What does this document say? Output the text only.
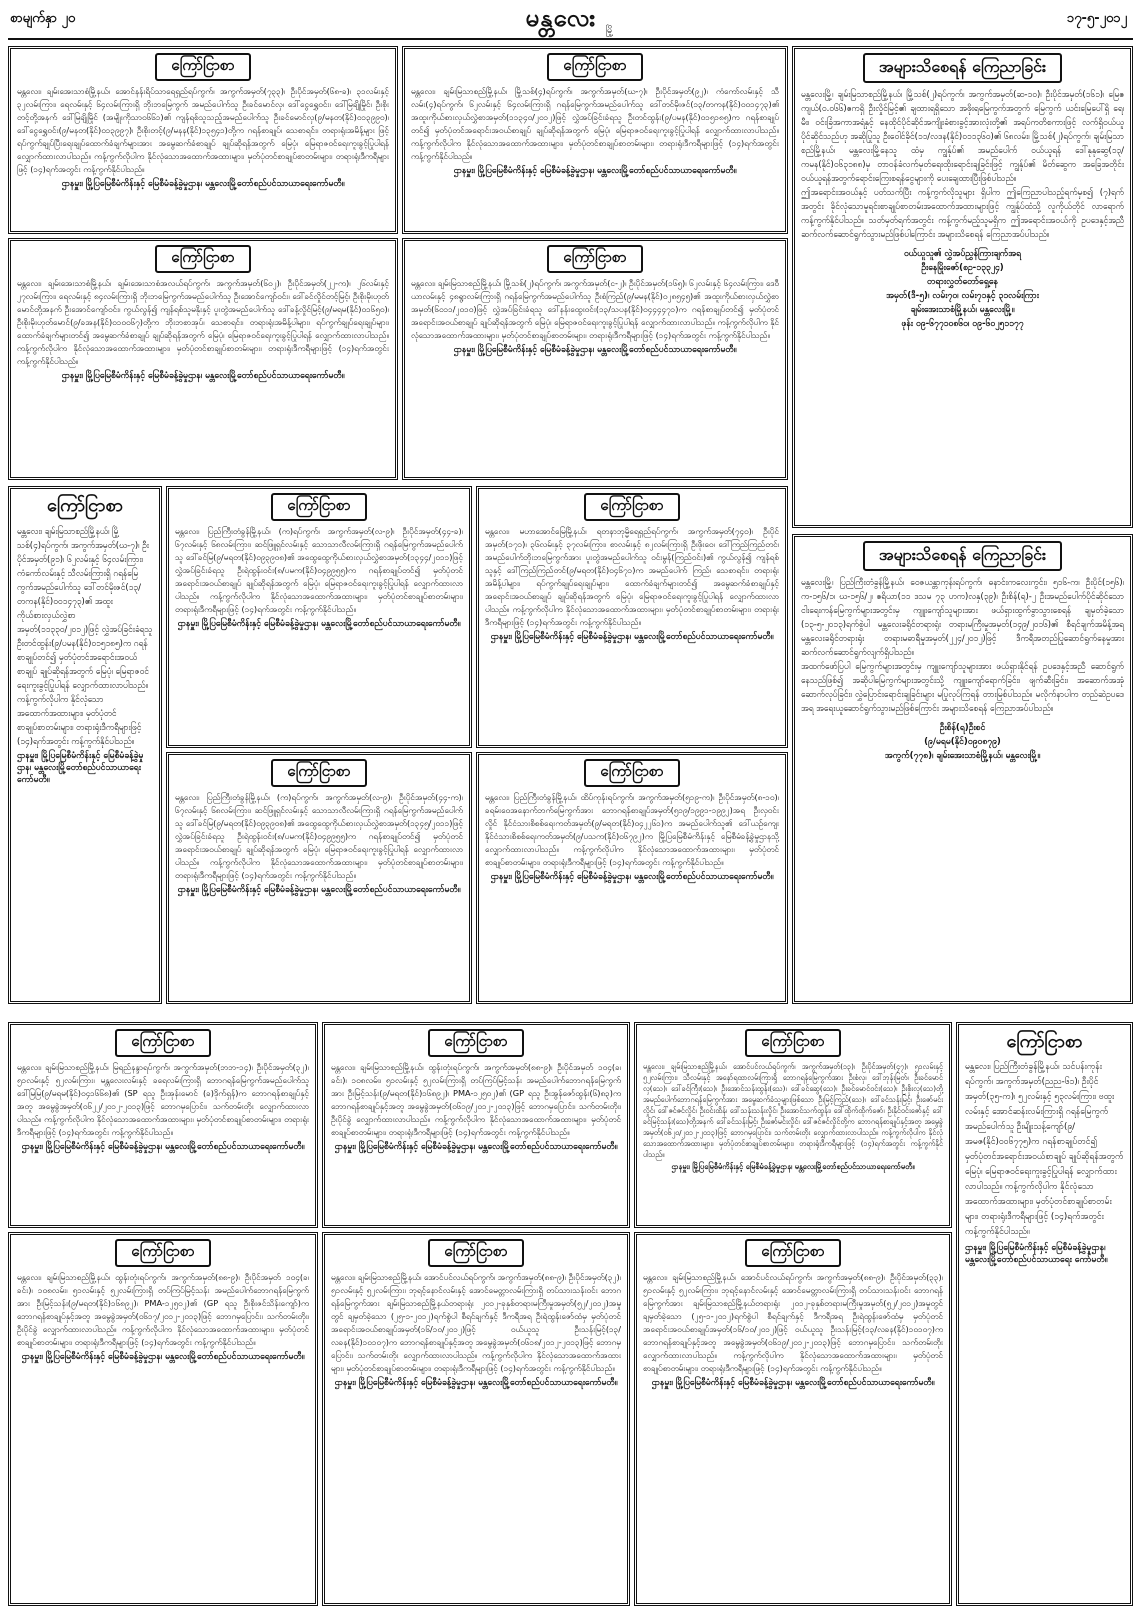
စာမျက်နှာ ၂၀	မန္တလေး မြို့
၁၇-၅-၂၀၁၂
ကြော်ငြာစာ
မန္တလေး၊ ချမ်းအေးသာစံမြို့နယ်၊ အောင်နန်းရိပ်သာရေရှည်ရပ်ကွက်၊ အကွက်အမှတ်(၇၃၃)၊ ဦးပိုင်အမှတ်(၆၈-ခ)၊ ၃၁လမ်းနှင့် ၃၂လမ်းကြား၊ ရေလမ်းနှင့် ၆၄လမ်းကြားရှိ ဘိုးဘမြေကွက် အမည်ပေါက်သူ ဦးခင်မောင်လှ၊ ဒေါ်ငွေရွှေဝင်း၊ ဒေါ်မြချိုမြိုင်၊ ဦးစိုးတင့်တို့အနက် ဒေါ်မြချိုမြိုင် (အမျိုးကိုသာ၀၆၆၁)၏ ကျန်ရစ်သူသည့်အမည်ပေါက်သူ ဦးခင်မောင်လှ(၉/မနတ(နိုင်)၀၁၃၉၉၀)၊ ဒေါ်ငွေရွှေဝင်း(၉/မနတ(နိုင်)၀၁၃၉၉၇)၊ ဦးစိုးတင့်(၉/မနန(နိုင်)၁၃၅၄၁)တို့က ဂရန်စာချုပ်၊ သေစာရင်း၊ တရားရုံးအမိန့်များ ဖြင့် ရပ်ကွက်ချုပ်ပြီးရေးချုပ်ထောက်ခံချက်များအား အမွေဆက်ခံစာချုပ် ချုပ်ဆိုရန်အတွက် မြေပုံ၊ မြေရာဇဝင်ရေးကူးခွင့်ပြုပါရန် လျှောက်ထားလာပါသည်။ ကန့်ကွက်လိုပါက နိုင်လုံသောအထောက်အထားများ၊ မှတ်ပုံတင်စာချုပ်စာတမ်းများ၊ တရားရုံးဒီကရီများဖြင့် (၁၄)ရက်အတွင်း ကန့်ကွက်နိုင်ပါသည်။
ဌာနမှူး၊ မြို့ပြမြေစီမံကိန်းနှင့် မြေစီမံခန့်ခွဲမှုဌာန၊ မန္တလေးမြို့တော်စည်ပင်သာယာရေးကော်မတီ။
ကြော်ငြာစာ
မန္တလေး၊ ချမ်းမြသာစည်မြို့နယ်၊ မြို့သစ်(၄)ရပ်ကွက်၊ အကွက်အမှတ်(ဃ-၇)၊ ဦးပိုင်အမှတ်(၉၂)၊ ကံကော်လမ်းနှင့် သီလမ်း(၄)ရပ်ကွက်၊ ၆၂လမ်းနှင့် ၆၄လမ်းကြားရှိ ဂရန်မြေကွက်အမည်ပေါက်သူ ဒေါ်တင်မိုးဇင်(၁၃/တကန(နိုင်)၀၀၁၄၇၃)၏ အထူးကိုယ်စားလှယ်လွှဲစာအမှတ်(၁၁၃၄၀/၂၀၁၂)ဖြင့် လွှဲအပ်ခြင်းခံရသူ ဦးတင်ထွန်း(၉/ပမန(နိုင်)၀၁၅၁၈၅)က ဂရန်စာချုပ်တင်၍ မှတ်ပုံတင်အရောင်းအဝယ်စာချုပ် ချုပ်ဆိုရန်အတွက် မြေပုံ၊ မြေရာဇဝင်ရေးကူးခွင့်ပြုပါရန် လျှောက်ထားလာပါသည်။ ကန့်ကွက်လိုပါက နိုင်လုံသောအထောက်အထားများ၊ မှတ်ပုံတင်စာချုပ်စာတမ်းများ၊ တရားရုံးဒီကရီများဖြင့် (၁၄)ရက်အတွင်း ကန့်ကွက်နိုင်ပါသည်။
ဌာနမှူး၊ မြို့ပြမြေစီမံကိန်းနှင့် မြေစီမံခန့်ခွဲမှုဌာန၊ မန္တလေးမြို့တော်စည်ပင်သာယာရေးကော်မတီ။
အများသိစေရန် ကြေညာခြင်း
မန္တလေးမြို့၊ ချမ်းမြသာစည်မြို့နယ်၊ မြို့သစ်(၂)ရပ်ကွက်၊ အကွက်အမှတ်(ဆ-၁၀)၊ ဦးပိုင်အမှတ်(၁၆၁)၊ မြေဧကျယ်(၀.၀၆၆)ဧကရှိ ဦးလှိုင်မြင့်၏ ချထားရရှိသော အဖိုးရမြေကွက်အတွက် မြေကွက် ယင်းမြေပေါ်ရှိ ရေ၊ မီး၊ ဝင်းခြံအကာအရံနှင့် နေထိုင်ပိုင်ဆိုင်အကျိုးခံစားခွင့်အားလုံးတို့၏ အရပ်ကတိစကားဖြင့် လက်ရှိဝယ်ယူပိုင်ဆိုင်သည်ဟု အဆိုပြုသူ ဦးဝေါင်ခိုင်(၁၁/လဒန(နိုင်)၀၁၁၃၆၀)၏ ၆၈လမ်း၊ မြို့သစ်(၂)ရပ်ကွက်၊ ချမ်းမြသာစည်မြို့နယ်၊ မန္တလေးမြို့နေသူ ထံမှ ကျွန်ုပ်၏ အမည်ပေါက် ဝယ်ယူရန် ဒေါ်နုနုဆွေ(၁၃/ကမန(နိုင်)၀၆၃၁၈၈)မှ တာဝန်ခံလက်မှတ်ရေးထိုးရောင်းချခြင်းဖြင့် ကျွန်ုပ်၏ မိတ်ဆွေက အခြေအတိုင်းဝယ်ယူရန်အတွက်ရောင်းကြေးစရန်ငွေများကို ပေးချေထားပြီးဖြစ်ပါသည်။
ဤအရောင်းအဝယ်နှင့် ပတ်သက်ပြီး ကန့်ကွက်လိုသူများ ရှိပါက ဤကြေညာပါသည့်ရက်မှစ၍ (၇)ရက်အတွင်း ခိုင်လုံသောမူရင်းစာချုပ်စာတမ်းအထောက်အထားများဖြင့် ကျွန်ုပ်ထံသို့ လူကိုယ်တိုင် လာရောက်ကန့်ကွက်နိုင်ပါသည်။ သတ်မှတ်ရက်အတွင်း ကန့်ကွက်မည့်သူမရှိက ဤအရောင်းအဝယ်ကို ဥပဒေနှင့်အညီ ဆက်လက်ဆောင်ရွက်သွားမည်ဖြစ်ပါကြောင်း အများသိစေရန် ကြေညာအပ်ပါသည်။
ဝယ်ယူသူ၏ လွှဲအပ်ညွှန်ကြားချက်အရ
ဦးနေမြိုးဇော်(စဥ-၁၃၃၂၄)
တရားလွှတ်တော်ရှေ့နေ
အမှတ်(ဒီ-၅)၊ လမ်း၇၀၊ လမ်း၇၁နှင့် ၃၁လမ်းကြား
ချမ်းအေးသာစံမြို့နယ်၊ မန္တလေးမြို့။
ဖုန်း ၀၉-၆၇၇၁၀၈၆၀၊ ၀၉-၆၀၂၅၁၁၇၇
ကြော်ငြာစာ
မန္တလေး၊ ချမ်းအေးသာစံမြို့နယ်၊ ချမ်းအေးသာစံအလယ်ရပ်ကွက်၊ အကွက်အမှတ်(၆၀၂)၊ ဦးပိုင်အမှတ်(၂၂-က)၊ ၂၆လမ်းနှင့် ၂၇လမ်းကြား၊ ရေလမ်းနှင့် ၈၄လမ်းကြားရှိ ဘိုးဘမြေကွက်အမည်ပေါက်သူ ဦးအောင်ကျော်ဝင်း၊ ဒေါ်ခင်လှိုင်တင့်မြင့်၊ ဦးစိုးမိုးဟုတ်မောင်တို့အနက် ဦးအောင်ကျော်ဝင်း၊ ကွယ်လွန်၍ ကျန်ရစ်သူမနိုးနှင့် ပူးတွဲအမည်ပေါက်သူ ဒေါ်ခန့်လှိုင်မြင့်(၉/မရမ(နိုင်)၀၁၆၅၀)၊ ဦးစိုးမိုးဟုတ်မောင်(၉/ခအန(နိုင်)၀၁၀၀၆၇)တို့က ဘိုးဘစာအုပ်၊ သေစာရင်း၊ တရားရုံးအမိန့်ပါများ၊ ရပ်ကွက်ချုပ်ရေးချုပ်များ၊ ထောက်ခံချက်များတင်၍ အမွေဆက်ခံစာချုပ် ချုပ်ဆိုရန်အတွက် မြေပုံ၊ မြေရာဇဝင်ရေးကူးခွင့်ပြုပါရန် လျှောက်ထားလာပါသည်။ ကန့်ကွက်လိုပါက နိုင်လုံသောအထောက်အထားများ၊ မှတ်ပုံတင်စာချုပ်စာတမ်းများ၊ တရားရုံးဒီကရီများဖြင့် (၁၄)ရက်အတွင်း ကန့်ကွက်နိုင်ပါသည်။
ဌာနမှူး၊ မြို့ပြမြေစီမံကိန်းနှင့် မြေစီမံခန့်ခွဲမှုဌာန၊ မန္တလေးမြို့တော်စည်ပင်သာယာရေးကော်မတီ။
ကြော်ငြာစာ
မန္တလေး၊ ချမ်းမြသာစည်မြို့နယ်၊ မြို့သစ်(၂)ရပ်ကွက်၊ အကွက်အမှတ်(င-၂)၊ ဦးပိုင်အမှတ်(၁၆၅)၊ ၆၂လမ်းနှင့် ၆၄လမ်းကြား၊ ဒေဝီယာလမ်းနှင့် ၄၈ရွာလမ်းကြားရှိ ဂရန်မြေကွက်အမည်ပေါက်သူ ဦးစံကြည်(၉/မမန(နိုင်)၀၂၈၅၄၅)၏ အထူးကိုယ်စားလှယ်လွှဲစာအမှတ်(၆၀၁၁/၂၀၁၀)ဖြင့် လွှဲအပ်ခြင်းခံရသူ ဒေါ်နန်းထွေးဝင်း(၁၃/သပန(နိုင်)၀၄၄၄၄၇၁)က ဂရန်စာချုပ်တင်၍ မှတ်ပုံတင်အရောင်းအဝယ်စာချုပ် ချုပ်ဆိုရန်အတွက် မြေပုံ၊ မြေရာဇဝင်ရေးကူးခွင့်ပြုပါရန် လျှောက်ထားလာပါသည်။ ကန့်ကွက်လိုပါက နိုင်လုံသောအထောက်အထားများ၊ မှတ်ပုံတင်စာချုပ်စာတမ်းများ၊ တရားရုံးဒီကရီများဖြင့် (၁၄)ရက်အတွင်း ကန့်ကွက်နိုင်ပါသည်။
ဌာနမှူး၊ မြို့ပြမြေစီမံကိန်းနှင့် မြေစီမံခန့်ခွဲမှုဌာန၊ မန္တလေးမြို့တော်စည်ပင်သာယာရေးကော်မတီ။
ကြော်ငြာစာ
မန္တလေး၊ ချမ်းမြသာစည်မြို့နယ်၊ မြို့သစ်(၄)ရပ်ကွက်၊ အကွက်အမှတ်(ဃ-၇)၊ ဦးပိုင်အမှတ်(၉၁)၊ ၆၂လမ်းနှင့် ၆၄လမ်းကြား၊ ကံကော်လမ်းနှင့် သီလမ်းကြားရှိ ဂရန်မြေကွက်အမည်ပေါက်သူ ဒေါ်တင်မိုးဇင်(၁၃/တကန(နိုင်)၀၀၁၄၇၃)၏ အထူးကိုယ်စားလှယ်လွှဲစာအမှတ်(၁၁၃၃၀/၂၀၁၂)ဖြင့် လွှဲအပ်ခြင်းခံရသူ ဦးတင်ထွန်း(၉/ပမန(နိုင်)၀၁၅၁၈၅)က ဂရန်စာချုပ်တင်၍ မှတ်ပုံတင်အရောင်းအဝယ်စာချုပ် ချုပ်ဆိုရန်အတွက် မြေပုံ၊ မြေရာဇဝင်ရေးကူးခွင့်ပြုပါရန် လျှောက်ထားလာပါသည်။ ကန့်ကွက်လိုပါက နိုင်လုံသောအထောက်အထားများ၊ မှတ်ပုံတင်စာချုပ်စာတမ်းများ၊ တရားရုံးဒီကရီများဖြင့် (၁၄)ရက်အတွင်း ကန့်ကွက်နိုင်ပါသည်။
ဌာနမှူး၊ မြို့ပြမြေစီမံကိန်းနှင့် မြေစီမံခန့်ခွဲမှုဌာန၊ မန္တလေးမြို့တော်စည်ပင်သာယာရေးကော်မတီ။
ကြော်ငြာစာ
မန္တလေး၊ ပြည်ကြီးတံခွန်မြို့နယ်၊ (က)ရပ်ကွက်၊ အကွက်အမှတ်(လ-၉)၊ ဦးပိုင်အမှတ်(၄၄-ခ)၊ ၆၇လမ်းနှင့် ၆၈လမ်းကြား၊ ဆင်ဖြူရှင်လမ်းနှင့် သောသာလီလမ်းကြားရှိ ဂရန်မြေကွက်အမည်ပေါက်သူ ဒေါ်ခင်မြ(၉/မရတ(နိုင်)၀၉၃၉၀၈)၏ အထွေထွေကိုယ်စားလှယ်လွှဲစာအမှတ်(၁၃၄၄/၂၀၁၁)ဖြင့် လွှဲအပ်ခြင်းခံရသူ ဦးရဲထွန်းဝင်း(၈/ပမက(နိုင်)၀၄၉၉၅၅)က ဂရန်စာချုပ်တင်၍ မှတ်ပုံတင်အရောင်းအဝယ်စာချုပ် ချုပ်ဆိုရန်အတွက် မြေပုံ၊ မြေရာဇဝင်ရေးကူးခွင့်ပြုပါရန် လျှောက်ထားလာပါသည်။ ကန့်ကွက်လိုပါက နိုင်လုံသောအထောက်အထားများ၊ မှတ်ပုံတင်စာချုပ်စာတမ်းများ၊ တရားရုံးဒီကရီများဖြင့် (၁၄)ရက်အတွင်း ကန့်ကွက်နိုင်ပါသည်။
ဌာနမှူး၊ မြို့ပြမြေစီမံကိန်းနှင့် မြေစီမံခန့်ခွဲမှုဌာန၊ မန္တလေးမြို့တော်စည်ပင်သာယာရေးကော်မတီ။
ကြော်ငြာစာ
မန္တလေး၊ မဟာအောင်မြေမြို့နယ်၊ ရတနာဘုမ္မိရေရှည်ရပ်ကွက်၊ အကွက်အမှတ်(၇၄၀)၊ ဦးပိုင်အမှတ်(၁၇၁)၊ ၃၆လမ်းနှင့် ၃၇လမ်းကြား၊ စာလမ်းနှင့် ၈၂လမ်းကြားရှိ ဦးဖိုးဝေ၊ ဒေါ်ကြည်ကြည်တင်၊ အမည်ပေါက်ဘိုးဘမြေကွက်အား ပူးတွဲအမည်ပေါက်သူ ဝင်းမွန်(ကြည်ဝင်း)၏ ကွယ်လွန်၍ ကျန်ရစ်သူနှင့် ဒေါ်ကြည်ကြည်တင်(၉/မရတ(နိုင်)၀၄၆၇၁)က အမည်ပေါက် ကြည်၊ သေစာရင်း၊ တရားရုံးအမိန့်ပါများ၊ ရပ်ကွက်ချုပ်ရေးချုပ်များ၊ ထောက်ခံချက်များတင်၍ အမွေဆက်ခံစာချုပ်နှင့် အရောင်းအဝယ်စာချုပ် ချုပ်ဆိုရန်အတွက် မြေပုံ၊ မြေရာဇဝင်ရေးကူးခွင့်ပြုပါရန် လျှောက်ထားလာပါသည်။ ကန့်ကွက်လိုပါက နိုင်လုံသောအထောက်အထားများ၊ မှတ်ပုံတင်စာချုပ်စာတမ်းများ၊ တရားရုံးဒီကရီများဖြင့် (၁၄)ရက်အတွင်း ကန့်ကွက်နိုင်ပါသည်။
ဌာနမှူး၊ မြို့ပြမြေစီမံကိန်းနှင့် မြေစီမံခန့်ခွဲမှုဌာန၊ မန္တလေးမြို့တော်စည်ပင်သာယာရေးကော်မတီ။
ကြော်ငြာစာ
မန္တလေး၊ ပြည်ကြီးတံခွန်မြို့နယ်၊ (က)ရပ်ကွက်၊ အကွက်အမှတ်(လ-၉)၊ ဦးပိုင်အမှတ်(၄၄-က)၊ ၆၇လမ်းနှင့် ၆၈လမ်းကြား၊ ဆင်ဖြူရှင်လမ်းနှင့် သောသာလီလမ်းကြားရှိ ဂရန်မြေကွက်အမည်ပေါက်သူ ဒေါ်ခင်မြ(၉/မရတ(နိုင်)၀၉၃၉၀၈)၏ အထွေထွေကိုယ်စားလှယ်လွှဲစာအမှတ်(၁၃၄၅/၂၀၁၁)ဖြင့် လွှဲအပ်ခြင်းခံရသူ ဦးရဲထွန်းဝင်း(၈/ပမက(နိုင်)၀၄၉၉၅၅)က ဂရန်စာချုပ်တင်၍ မှတ်ပုံတင်အရောင်းအဝယ်စာချုပ် ချုပ်ဆိုရန်အတွက် မြေပုံ၊ မြေရာဇဝင်ရေးကူးခွင့်ပြုပါရန် လျှောက်ထားလာပါသည်။ ကန့်ကွက်လိုပါက နိုင်လုံသောအထောက်အထားများ၊ မှတ်ပုံတင်စာချုပ်စာတမ်းများ၊ တရားရုံးဒီကရီများဖြင့် (၁၄)ရက်အတွင်း ကန့်ကွက်နိုင်ပါသည်။
ဌာနမှူး၊ မြို့ပြမြေစီမံကိန်းနှင့် မြေစီမံခန့်ခွဲမှုဌာန၊ မန္တလေးမြို့တော်စည်ပင်သာယာရေးကော်မတီ။
ကြော်ငြာစာ
မန္တလေး၊ ပြည်ကြီးတံခွန်မြို့နယ်၊ ထိပ်ကုန်းရပ်ကွက်၊ အကွက်အမှတ်(၅၁၉-က)၊ ဦးပိုင်အမှတ်(၈-၁၀)၊ ခရမ်းဝေအနောက်ဘက်မြေကွက်အား ဘောဂရန်စာချုပ်အမှတ်(၅၁၉/၁၉၉၁-၁၉၉၂)အရ ဦးလှဝင်းလှိုင် နိုင်ငံသားစိစစ်ရေးကတ်အမှတ်(၉/မရတ(နိုင်)၀၄၂၂၆၁)က အမည်ပေါက်သူ၏ ဒေါ်ယဉ်ကျေး နိုင်ငံသားစိစစ်ရေးကတ်အမှတ်(၉/ပသက(နိုင်)၀၆၇၉၂)က မြို့ပြမြေစီမံကိန်းနှင့် မြေစီမံခန့်ခွဲမှုဌာနသို့ လျှောက်ထားလာပါသည်။ ကန့်ကွက်လိုပါက နိုင်လုံသောအထောက်အထားများ၊ မှတ်ပုံတင်စာချုပ်စာတမ်းများ၊ တရားရုံးဒီကရီများဖြင့် (၁၄)ရက်အတွင်း ကန့်ကွက်နိုင်ပါသည်။
ဌာနမှူး၊ မြို့ပြမြေစီမံကိန်းနှင့် မြေစီမံခန့်ခွဲမှုဌာန၊ မန္တလေးမြို့တော်စည်ပင်သာယာရေးကော်မတီ။
အများသိစေရန် ကြေညာခြင်း
မန္တလေးမြို့၊ ပြည်ကြီးတံခွန်မြို့နယ်၊ ဝေဇယန္တာကုန်းရပ်ကွက်၊ ဓနာင်းကလေးကွင်း၊ ၅၁၆-က၊ ဦးပိုင်(၁၅၆)၊ က-၁၅၆/၁၊ ဃ-၁၅၆/၂၊ ဧရိယာ(၁၁ ဒသမ ၇၃ ဟက)လနှ(၃၉)၊ ဦးစိန်(ရ)-၂ ဦးအမည်ပေါက်ပိုင်ဆိုင်သော ငါးရေးကန်မြေကွက်များအတွင်းမှ ကျူးကျော်သူများအား ဖယ်ရှားထွက်ခွာသွားစေရန် ချမှတ်ခဲ့သော (၁၃-၅-၂၀၁၃)ရက်စွဲပါ မန္တလေးခရိုင်တရားရုံး တရားမကြီးမှုအမှတ်(၁၄၉/၂၀၁၆)၏ စီရင်ချက်အမိန့်အရ မန္တလေးခရိုင်တရားရုံး တရားမဓာရီမှုအမှတ်(၂၂၄/၂၀၁၂)ဖြင့် ဒီကရီအတည်ပြုဆောင်ရွက်နေမှုအား ဆက်လက်ဆောင်ရွက်လျက်ရှိပါသည်။
အထက်ဖော်ပြပါ မြေကွက်များအတွင်းမှ ကျူးကျော်သူများအား ဖယ်ရှားနိုင်ရန် ဥပဒေနှင့်အညီ ဆောင်ရွက်နေသည်ဖြစ်၍ အဆိုပါမြေကွက်များအတွင်းသို့ ကျူးကျော်ရောက်ခြင်း၊ ဖျက်ဆီးခြင်း၊ အဆောက်အအုံဆောက်လုပ်ခြင်း၊ လွှဲပြောင်းရောင်းချခြင်းများ မပြုလုပ်ကြရန် တားမြစ်ပါသည်။ မလိုက်နာပါက တည်ဆဲဥပဒေအရ အရေးယူဆောင်ရွက်သွားမည်ဖြစ်ကြောင်း အများသိစေရန် ကြေညာအပ်ပါသည်။
ဦးစိန်(ရ)ဦးစင်
(၉/မရမ(နိုင်)၀၉၀၈၇၉)
အကွက်(၇၇၈)၊ ချမ်းအေးသာစံမြို့နယ်၊ မန္တလေးမြို့။
ကြော်ငြာစာ
မန္တလေး၊ ချမ်းမြသာစည်မြို့နယ်၊ မြရည်နန္ဒာရပ်ကွက်၊ အကွက်အမှတ်(ဘဘ-၁၄)၊ ဦးပိုင်အမှတ်(၃၂)၊ ၅၁လမ်းနှင့် ၅၂လမ်းကြား၊ မန္တလေးလမ်းနှင့် ခရေလမ်းကြားရှိ ဘောဂရန်မြေကွက်အမည်ပေါက်သူ ဒေါ်မြမြ(၉/မရမ(နိုင်)၀၄၁၆၆၈)၏ (SP ရသူ ဦးအုန်းမောင် (ခ)ဒိုက်ရှန်)က ဘောဂရန်စာချုပ်နှင့်အတူ အမွေခွဲအမှတ်(၀၆၂၂/၂၀၁၂-၂၀၁၃)ဖြင့် ဘောဂမှပြောင်း၊ သက်တမ်းတိုး လျှောက်ထားလာပါသည်။ ကန့်ကွက်လိုပါက နိုင်လုံသောအထောက်အထားများ၊ မှတ်ပုံတင်စာချုပ်စာတမ်းများ၊ တရားရုံးဒီကရီများဖြင့် (၁၄)ရက်အတွင်း ကန့်ကွက်နိုင်ပါသည်။
ဌာနမှူး၊ မြို့ပြမြေစီမံကိန်းနှင့် မြေစီမံခန့်ခွဲမှုဌာန၊ မန္တလေးမြို့တော်စည်ပင်သာယာရေးကော်မတီ။
ကြော်ငြာစာ
မန္တလေး၊ ချမ်းမြသာစည်မြို့နယ်၊ ထွန်းတုံးရပ်ကွက်၊ အကွက်အမှတ်(၈၈-၉)၊ ဦးပိုင်အမှတ် ၁၀၄(ခ၊ခင်း)၊ ၁၀၈လမ်း၊ ၅၁လမ်းနှင့် ၅၂လမ်းကြားရှိ တပ်ကြပ်မြင့်သန်း အမည်ပေါက်ဘောဂရန်မြေကွက်အား ဦးမြင့်သန်း(၉/မရတ(နိုင်)၁၆၈၉၂)၊ PMA-၁၂၅၀၂)၏ (GP ရသူ ဦးအွန်ဇော်ထွန်း(၆)၈၃)က ဘောဂရန်စာချုပ်နှင့်အတူ အမွေခွဲအမှတ်(၀၆၁၉/၂၀၁၂-၂၀၁၃)ဖြင့် ဘောဂမှပြောင်း၊ သက်တမ်းတိုး၊ ဦးပိုင်ခွဲ လျှောက်ထားလာပါသည်။ ကန့်ကွက်လိုပါက နိုင်လုံသောအထောက်အထားများ၊ မှတ်ပုံတင်စာချုပ်စာတမ်းများ၊ တရားရုံးဒီကရီများဖြင့် (၁၄)ရက်အတွင်း ကန့်ကွက်နိုင်ပါသည်။
ဌာနမှူး၊ မြို့ပြမြေစီမံကိန်းနှင့် မြေစီမံခန့်ခွဲမှုဌာန၊ မန္တလေးမြို့တော်စည်ပင်သာယာရေးကော်မတီ။
ကြော်ငြာစာ
မန္တလေး၊ ချမ်းမြသာစည်မြို့နယ်၊ အောင်ပင်လယ်ရပ်ကွက်၊ အကွက်အမှတ်(၁၃)၊ ဦးပိုင်အမှတ်(၄၇)၊ ၅၁လမ်းနှင့် ၅၂လမ်းကြား၊ သီလမ်းနှင့် အနော်ရထာလမ်းကြားရှိ ဘောဂရန်မြေကွက်အား ဦးစံလှ၊ ဒေါ်ဘုန်းမြတ်၊ ဦးခင်မောင်လှ(သေ)၊ ဒေါ်ခင်ကြီး(သေ)၊ ဦးအောင်သန်းထွန်း(သေ)၊ ဒေါ်ခင်ဆွေ(သေ)၊ ဦးခင်မောင်ဝင်း(သေ)၊ ဦးစိုးလှ(သေ)တို့ အမည်ပေါက်ဘောဂရန်မြေကွက်အား အမွေဆက်ခံသူများဖြစ်သော ဦးမြင့်ကြည်(သေ)၊ ဒေါ်ခင်သန်းမြင့်၊ ဦးဇော်မင်းလှိုင်၊ ဒေါ်ဇင်ဇင်လှိုင်၊ ဦးဝင်းထိန်၊ ဒေါ်သန်းသန်းလှိုင်၊ ဦးအောင်သက်ထွန်း၊ ဒေါ်ထိုက်ထိုက်ဇော်၊ ဦးနိုင်ဝင်းဇော်နှင့် ဒေါ်ခင်မြင့်သန်း(သေ)တို့အနက် ဒေါ်ခင်သန်းမြင့်၊ ဦးဇော်မင်းလှိုင်၊ ဒေါ်ဇင်ဇင်လှိုင်တို့က ဘောဂရန်စာချုပ်နှင့်အတူ အမွေခွဲအမှတ်(၀၆၂၀/၂၀၁၂-၂၀၁၃)ဖြင့် ဘောဂမှပြောင်း၊ သက်တမ်းတိုး လျှောက်ထားလာပါသည်။ ကန့်ကွက်လိုပါက နိုင်လုံသောအထောက်အထားများ၊ မှတ်ပုံတင်စာချုပ်စာတမ်းများ၊ တရားရုံးဒီကရီများဖြင့် (၁၄)ရက်အတွင်း ကန့်ကွက်နိုင်ပါသည်။
ဌာနမှူး၊ မြို့ပြမြေစီမံကိန်းနှင့် မြေစီမံခန့်ခွဲမှုဌာန၊ မန္တလေးမြို့တော်စည်ပင်သာယာရေးကော်မတီ။
ကြော်ငြာစာ
မန္တလေး၊ ပြည်ကြီးတံခွန်မြို့နယ်၊ သင်ပန်းကုန်းရပ်ကွက်၊ အကွက်အမှတ်(ညည-၆၁)၊ ဦးပိုင်အမှတ်(၃၅-က)၊ ၅၂လမ်းနှင့် ၅၃လမ်းကြား၊ ဗထူးလမ်းနှင့် အောင်ဆန်းလမ်းကြားရှိ ဂရန်မြေကွက်အမည်ပေါက်သူ ဦးမျိုးသန့်ကျော်(၉/အမဇ(နိုင်)၀၀၆၇၇၅)က ဂရန်စာချုပ်တင်၍ မှတ်ပုံတင်အရောင်းအဝယ်စာချုပ် ချုပ်ဆိုရန်အတွက် မြေပုံ၊ မြေရာဇဝင်ရေးကူးခွင့်ပြုပါရန် လျှောက်ထားလာပါသည်။ ကန့်ကွက်လိုပါက နိုင်လုံသောအထောက်အထားများ၊ မှတ်ပုံတင်စာချုပ်စာတမ်းများ၊ တရားရုံးဒီကရီများဖြင့် (၁၄)ရက်အတွင်း ကန့်ကွက်နိုင်ပါသည်။
ဌာနမှူး၊ မြို့ပြမြေစီမံကိန်းနှင့် မြေစီမံခန့်ခွဲမှုဌာန၊ မန္တလေးမြို့တော်စည်ပင်သာယာရေး ကော်မတီ။
ကြော်ငြာစာ
မန္တလေး၊ ချမ်းမြသာစည်မြို့နယ်၊ ထွန်းတုံးရပ်ကွက်၊ အကွက်အမှတ်(၈၈-၉)၊ ဦးပိုင်အမှတ် ၁၀၄(ခ၊ခင်း)၊ ၁၀၈လမ်း၊ ၅၁လမ်းနှင့် ၅၂လမ်းကြားရှိ တပ်ကြပ်မြင့်သန်း အမည်ပေါက်ဘောဂရန်မြေကွက်အား ဦးမြင့်သန်း(၉/မရတ(နိုင်)၁၆၈၉၂)၊ PMA-၁၂၅၀၂)၏ (GP ရသူ ဦးစိုးဇင်သိန်းကျော်)က ဘောဂရန်စာချုပ်နှင့်အတူ အမွေခွဲအမှတ်(၀၆၁၇/၂၀၁၂-၂၀၁၃)ဖြင့် ဘောဂမှပြောင်း၊ သက်တမ်းတိုး၊ ဦးပိုင်ခွဲ လျှောက်ထားလာပါသည်။ ကန့်ကွက်လိုပါက နိုင်လုံသောအထောက်အထားများ၊ မှတ်ပုံတင်စာချုပ်စာတမ်းများ၊ တရားရုံးဒီကရီများဖြင့် (၁၄)ရက်အတွင်း ကန့်ကွက်နိုင်ပါသည်။
ဌာနမှူး၊ မြို့ပြမြေစီမံကိန်းနှင့် မြေစီမံခန့်ခွဲမှုဌာန၊ မန္တလေးမြို့တော်စည်ပင်သာယာရေးကော်မတီ။
ကြော်ငြာစာ
မန္တလေး၊ ချမ်းမြသာစည်မြို့နယ်၊ အောင်ပင်လယ်ရပ်ကွက်၊ အကွက်အမှတ်(၈၈-၉)၊ ဦးပိုင်အမှတ်(၃၂)၊ ၅၁လမ်းနှင့် ၅၂လမ်းကြား၊ ဘုရင့်နောင်လမ်းနှင့် အောင်မေတ္တာလမ်းကြားရှိ တပ်သားသန်းဝင်း ဘောဂရန်မြေကွက်အား ချမ်းမြသာစည်မြို့နယ်တရားရုံး ၂၀၁၂-ခုနှစ်တရားမကြီးမှုအမှတ်(၅၂/၂၀၁၂)အမှုတွင် ချမှတ်ခဲ့သော (၂၅-၁-၂၀၁၂)ရက်စွဲပါ စီရင်ချက်နှင့် ဒီကရီအရ ဦးရဲထွန်းဇော်ထံမှ မှတ်ပုံတင်အရောင်းအဝယ်စာချုပ်အမှတ်(၁၆/၁၀/၂၀၁၂)ဖြင့် ဝယ်ယူသူ ဦးသန်းမြင့်(၁၃/လခန(နိုင်)၁၀၁၀၇)က ဘောဂရန်စာချုပ်နှင့်အတူ အမွေခွဲအမှတ်(၀၆၁၈/၂၀၁၂-၂၀၁၃)ဖြင့် ဘောဂမှပြောင်း၊ သက်တမ်းတိုး လျှောက်ထားလာပါသည်။ ကန့်ကွက်လိုပါက နိုင်လုံသောအထောက်အထားများ၊ မှတ်ပုံတင်စာချုပ်စာတမ်းများ၊ တရားရုံးဒီကရီများဖြင့် (၁၄)ရက်အတွင်း ကန့်ကွက်နိုင်ပါသည်။
ဌာနမှူး၊ မြို့ပြမြေစီမံကိန်းနှင့် မြေစီမံခန့်ခွဲမှုဌာန၊ မန္တလေးမြို့တော်စည်ပင်သာယာရေးကော်မတီ။
ကြော်ငြာစာ
မန္တလေး၊ ချမ်းမြသာစည်မြို့နယ်၊ အောင်ပင်လယ်ရပ်ကွက်၊ အကွက်အမှတ်(၈၈-၉)၊ ဦးပိုင်အမှတ်(၃၃)၊ ၅၁လမ်းနှင့် ၅၂လမ်းကြား၊ ဘုရင့်နောင်လမ်းနှင့် အောင်မေတ္တာလမ်းကြားရှိ တပ်သားသန်းဝင်း ဘောဂရန်မြေကွက်အား ချမ်းမြသာစည်မြို့နယ်တရားရုံး ၂၀၁၂-ခုနှစ်တရားမကြီးမှုအမှတ်(၅၂/၂၀၁၂)အမှုတွင် ချမှတ်ခဲ့သော (၂၅-၁-၂၀၁၂)ရက်စွဲပါ စီရင်ချက်နှင့် ဒီကရီအရ ဦးရဲထွန်းဇော်ထံမှ မှတ်ပုံတင်အရောင်းအဝယ်စာချုပ်အမှတ်(၁၆/၁၀/၂၀၁၂)ဖြင့် ဝယ်ယူသူ ဦးသန်းမြင့်(၁၃/လခန(နိုင်)၁၀၁၀၇)က ဘောဂရန်စာချုပ်နှင့်အတူ အမွေခွဲအမှတ်(၀၆၁၉/၂၀၁၂-၂၀၁၃)ဖြင့် ဘောဂမှပြောင်း၊ သက်တမ်းတိုး လျှောက်ထားလာပါသည်။ ကန့်ကွက်လိုပါက နိုင်လုံသောအထောက်အထားများ၊ မှတ်ပုံတင်စာချုပ်စာတမ်းများ၊ တရားရုံးဒီကရီများဖြင့် (၁၄)ရက်အတွင်း ကန့်ကွက်နိုင်ပါသည်။
ဌာနမှူး၊ မြို့ပြမြေစီမံကိန်းနှင့် မြေစီမံခန့်ခွဲမှုဌာန၊ မန္တလေးမြို့တော်စည်ပင်သာယာရေးကော်မတီ။
